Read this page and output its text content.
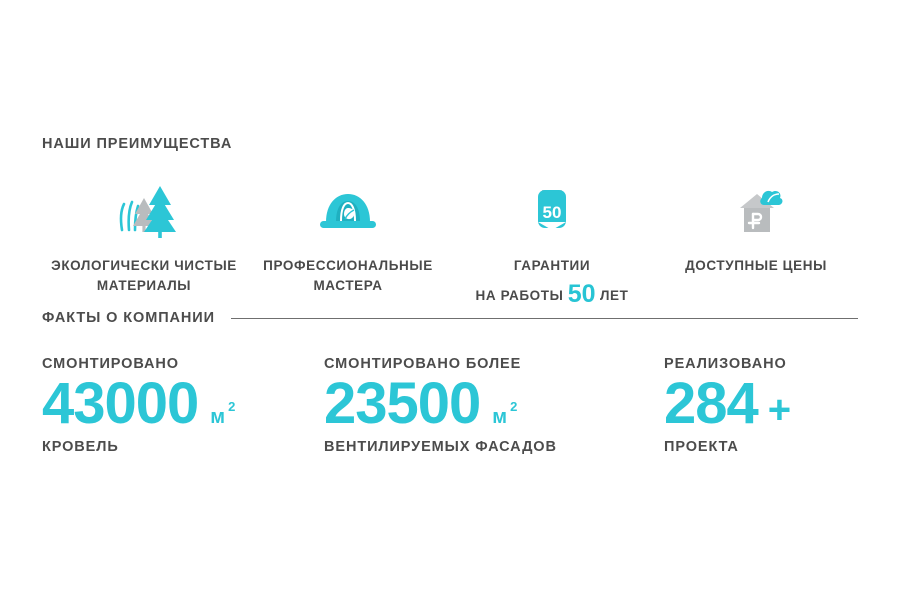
НАШИ ПРЕИМУЩЕСТВА
ЭКОЛОГИЧЕСКИ ЧИСТЫЕ
МАТЕРИАЛЫ
ПРОФЕССИОНАЛЬНЫЕ
МАСТЕРА
50
ГАРАНТИИ
НА РАБОТЫ 50 ЛЕТ
ДОСТУПНЫЕ ЦЕНЫ
ФАКТЫ О КОМПАНИИ
СМОНТИРОВАНО
43000 м 2
КРОВЕЛЬ
СМОНТИРОВАНО БОЛЕЕ
23500 м 2
ВЕНТИЛИРУЕМЫХ ФАСАДОВ
РЕАЛИЗОВАНО
284 +
ПРОЕКТА
